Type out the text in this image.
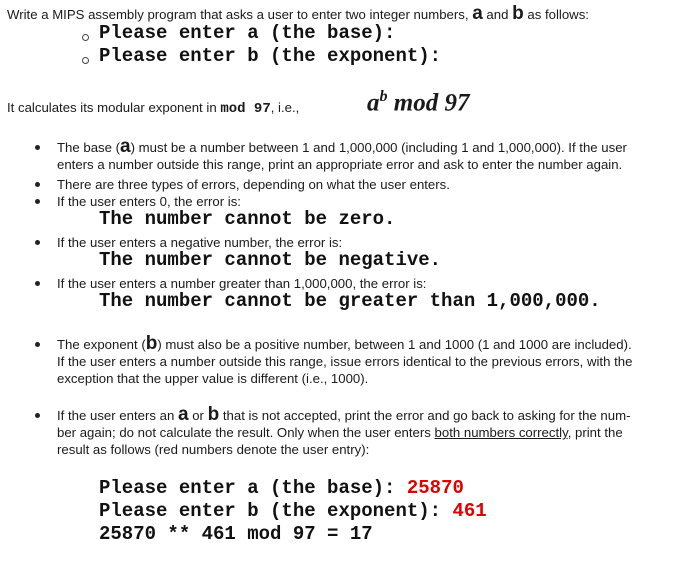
Write a MIPS assembly program that asks a user to enter two integer numbers, a and b as follows:
Please enter a (the base):
Please enter b (the exponent):
It calculates its modular exponent in mod 97, i.e.,	$a^b$ mod 97
The base (a) must be a number between 1 and 1,000,000 (including 1 and 1,000,000). If the user
enters a number outside this range, print an appropriate error and ask to enter the number again.
There are three types of errors, depending on what the user enters.
If the user enters 0, the error is:
The number cannot be zero.
If the user enters a negative number, the error is:
The number cannot be negative.
If the user enters a number greater than 1,000,000, the error is:
The number cannot be greater than 1,000,000.
The exponent (b) must also be a positive number, between 1 and 1000 (1 and 1000 are included).
If the user enters a number outside this range, issue errors identical to the previous errors, with the
exception that the upper value is different (i.e., 1000).
If the user enters an a or b that is not accepted, print the error and go back to asking for the num-
ber again; do not calculate the result. Only when the user enters both numbers correctly, print the
result as follows (red numbers denote the user entry):
Please enter a (the base): 25870
Please enter b (the exponent): 461
25870 ** 461 mod 97 = 17
